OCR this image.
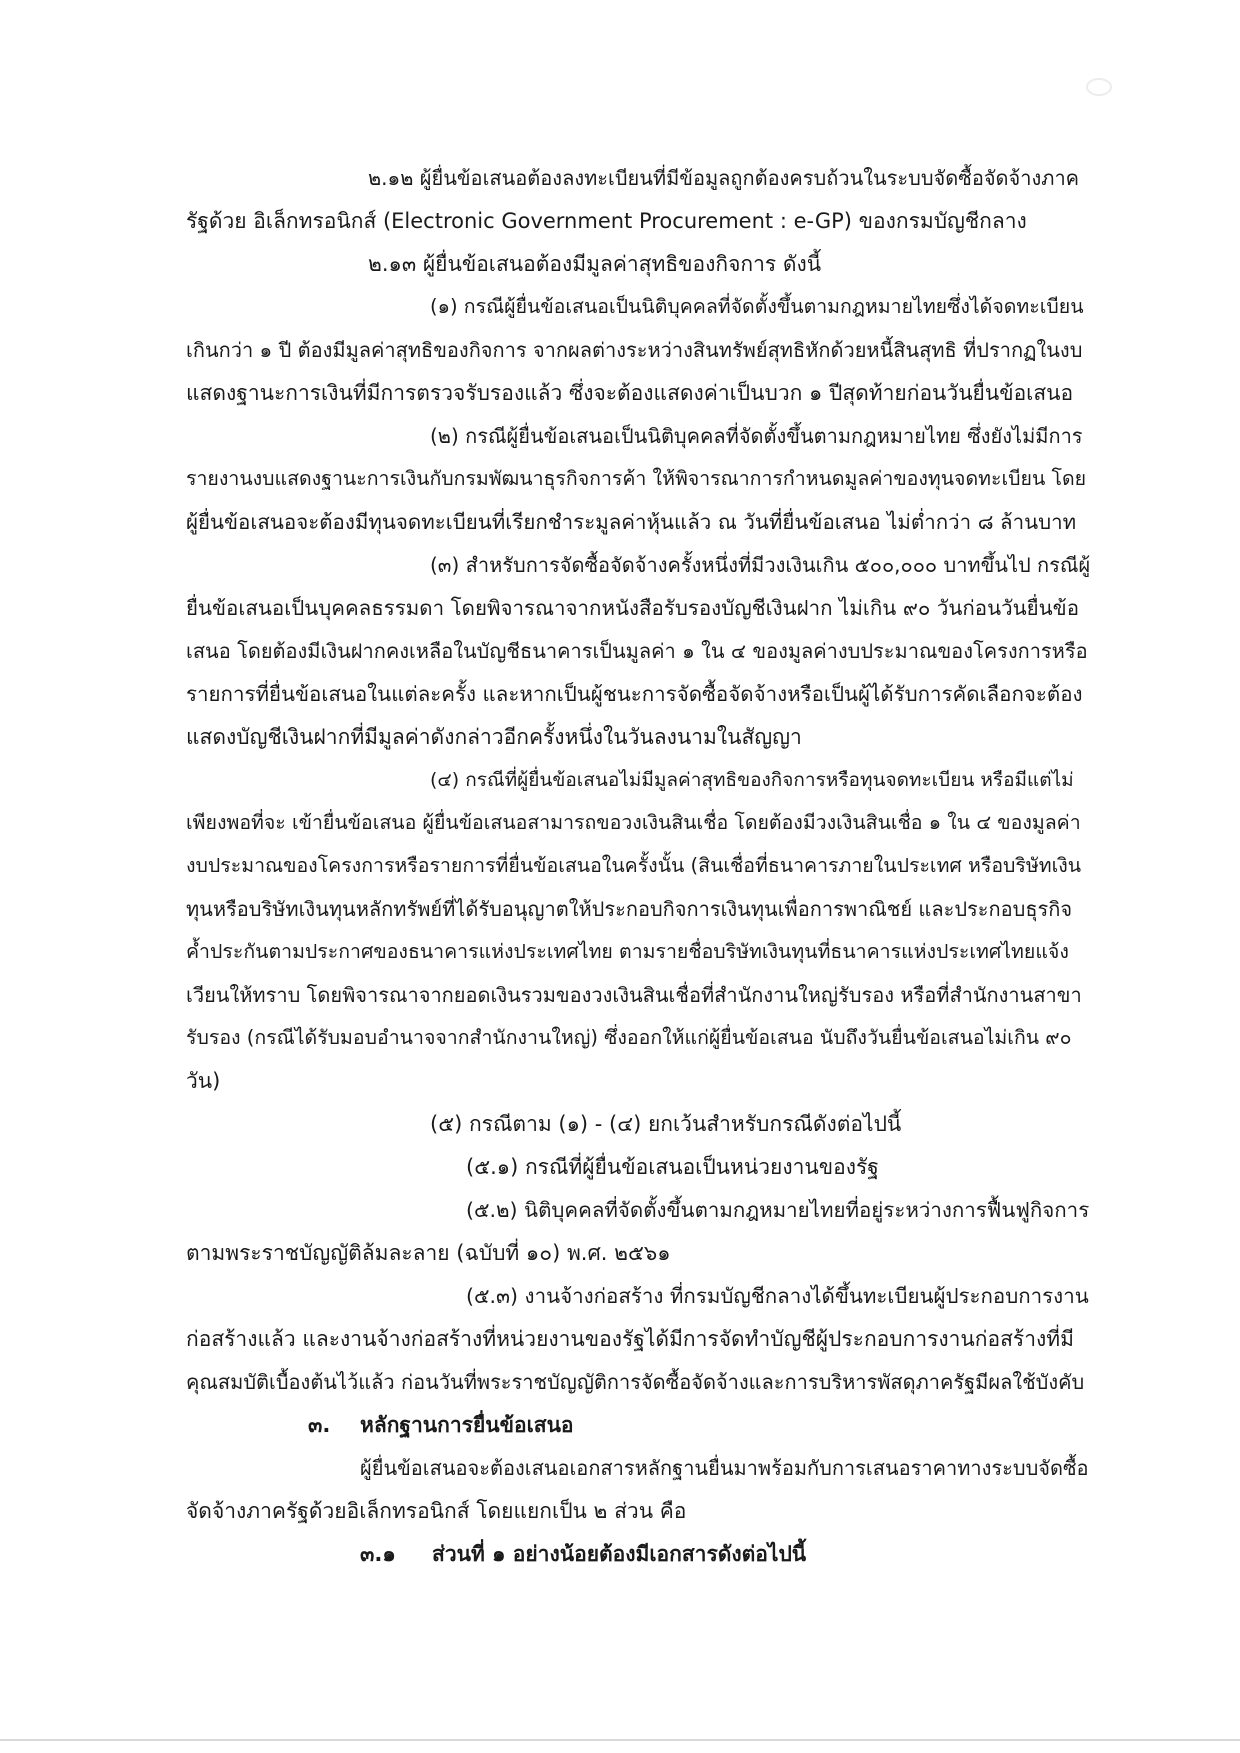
๒.๑๒ ผู้ยื่นข้อเสนอต้องลงทะเบียนที่มีข้อมูลถูกต้องครบถ้วนในระบบจัดซื้อจัดจ้างภาค
รัฐด้วย อิเล็กทรอนิกส์ (Electronic Government Procurement : e-GP) ของกรมบัญชีกลาง
๒.๑๓ ผู้ยื่นข้อเสนอต้องมีมูลค่าสุทธิของกิจการ ดังนี้
(๑) กรณีผู้ยื่นข้อเสนอเป็นนิติบุคคลที่จัดตั้งขึ้นตามกฎหมายไทยซึ่งได้จดทะเบียน
เกินกว่า ๑ ปี ต้องมีมูลค่าสุทธิของกิจการ จากผลต่างระหว่างสินทรัพย์สุทธิหักด้วยหนี้สินสุทธิ ที่ปรากฏในงบ
แสดงฐานะการเงินที่มีการตรวจรับรองแล้ว ซึ่งจะต้องแสดงค่าเป็นบวก ๑ ปีสุดท้ายก่อนวันยื่นข้อเสนอ
(๒) กรณีผู้ยื่นข้อเสนอเป็นนิติบุคคลที่จัดตั้งขึ้นตามกฎหมายไทย ซึ่งยังไม่มีการ
รายงานงบแสดงฐานะการเงินกับกรมพัฒนาธุรกิจการค้า ให้พิจารณาการกำหนดมูลค่าของทุนจดทะเบียน โดย
ผู้ยื่นข้อเสนอจะต้องมีทุนจดทะเบียนที่เรียกชำระมูลค่าหุ้นแล้ว ณ วันที่ยื่นข้อเสนอ ไม่ต่ำกว่า ๘ ล้านบาท
(๓) สำหรับการจัดซื้อจัดจ้างครั้งหนึ่งที่มีวงเงินเกิน ๕๐๐,๐๐๐ บาทขึ้นไป กรณีผู้
ยื่นข้อเสนอเป็นบุคคลธรรมดา โดยพิจารณาจากหนังสือรับรองบัญชีเงินฝาก ไม่เกิน ๙๐ วันก่อนวันยื่นข้อ
เสนอ โดยต้องมีเงินฝากคงเหลือในบัญชีธนาคารเป็นมูลค่า ๑ ใน ๔ ของมูลค่างบประมาณของโครงการหรือ
รายการที่ยื่นข้อเสนอในแต่ละครั้ง และหากเป็นผู้ชนะการจัดซื้อจัดจ้างหรือเป็นผู้ได้รับการคัดเลือกจะต้อง
แสดงบัญชีเงินฝากที่มีมูลค่าดังกล่าวอีกครั้งหนึ่งในวันลงนามในสัญญา
(๔) กรณีที่ผู้ยื่นข้อเสนอไม่มีมูลค่าสุทธิของกิจการหรือทุนจดทะเบียน หรือมีแต่ไม่
เพียงพอที่จะ เข้ายื่นข้อเสนอ ผู้ยื่นข้อเสนอสามารถขอวงเงินสินเชื่อ โดยต้องมีวงเงินสินเชื่อ ๑ ใน ๔ ของมูลค่า
งบประมาณของโครงการหรือรายการที่ยื่นข้อเสนอในครั้งนั้น (สินเชื่อที่ธนาคารภายในประเทศ หรือบริษัทเงิน
ทุนหรือบริษัทเงินทุนหลักทรัพย์ที่ได้รับอนุญาตให้ประกอบกิจการเงินทุนเพื่อการพาณิชย์ และประกอบธุรกิจ
ค้ำประกันตามประกาศของธนาคารแห่งประเทศไทย ตามรายชื่อบริษัทเงินทุนที่ธนาคารแห่งประเทศไทยแจ้ง
เวียนให้ทราบ โดยพิจารณาจากยอดเงินรวมของวงเงินสินเชื่อที่สำนักงานใหญ่รับรอง หรือที่สำนักงานสาขา
รับรอง (กรณีได้รับมอบอำนาจจากสำนักงานใหญ่) ซึ่งออกให้แก่ผู้ยื่นข้อเสนอ นับถึงวันยื่นข้อเสนอไม่เกิน ๙๐
วัน)
(๕) กรณีตาม (๑) - (๔) ยกเว้นสำหรับกรณีดังต่อไปนี้
(๕.๑) กรณีที่ผู้ยื่นข้อเสนอเป็นหน่วยงานของรัฐ
(๕.๒) นิติบุคคลที่จัดตั้งขึ้นตามกฎหมายไทยที่อยู่ระหว่างการฟื้นฟูกิจการ
ตามพระราชบัญญัติล้มละลาย (ฉบับที่ ๑๐) พ.ศ. ๒๕๖๑
(๕.๓) งานจ้างก่อสร้าง ที่กรมบัญชีกลางได้ขึ้นทะเบียนผู้ประกอบการงาน
ก่อสร้างแล้ว และงานจ้างก่อสร้างที่หน่วยงานของรัฐได้มีการจัดทำบัญชีผู้ประกอบการงานก่อสร้างที่มี
คุณสมบัติเบื้องต้นไว้แล้ว ก่อนวันที่พระราชบัญญัติการจัดซื้อจัดจ้างและการบริหารพัสดุภาครัฐมีผลใช้บังคับ
๓. หลักฐานการยื่นข้อเสนอ
ผู้ยื่นข้อเสนอจะต้องเสนอเอกสารหลักฐานยื่นมาพร้อมกับการเสนอราคาทางระบบจัดซื้อ
จัดจ้างภาครัฐด้วยอิเล็กทรอนิกส์ โดยแยกเป็น ๒ ส่วน คือ
๓.๑ ส่วนที่ ๑ อย่างน้อยต้องมีเอกสารดังต่อไปนี้
